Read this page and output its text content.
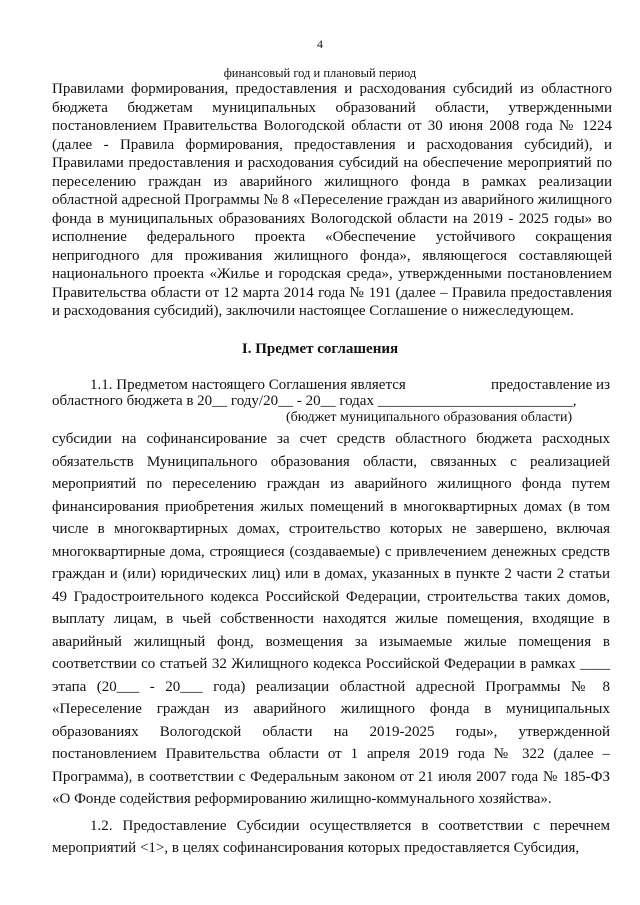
4
финансовый год и плановый период

Правилами формирования, предоставления и расходования субсидий из областного бюджета бюджетам муниципальных образований области, утвержденными постановлением Правительства Вологодской области от 30 июня 2008 года № 1224 (далее - Правила формирования, предоставления и расходования субсидий), и Правилами предоставления и расходования субсидий на обеспечение мероприятий по переселению граждан из аварийного жилищного фонда в рамках реализации областной адресной Программы № 8 «Переселение граждан из аварийного жилищного фонда в муниципальных образованиях Вологодской области на 2019 - 2025 годы» во исполнение федерального проекта «Обеспечение устойчивого сокращения непригодного для проживания жилищного фонда», являющегося составляющей национального проекта «Жилье и городская среда», утвержденными постановлением Правительства области от 12 марта 2014 года № 191 (далее – Правила предоставления и расходования субсидий), заключили настоящее Соглашение о нижеследующем.

I. Предмет соглашения
1.1. Предметом настоящего Соглашения является	предоставление из
областного бюджета в 20__ году/20__ - 20__ годах __________________________,
(бюджет муниципального образования области)

субсидии на софинансирование за счет средств областного бюджета расходных обязательств Муниципального образования области, связанных с реализацией мероприятий по переселению граждан из аварийного жилищного фонда путем финансирования приобретения жилых помещений в многоквартирных домах (в том числе в многоквартирных домах, строительство которых не завершено, включая многоквартирные дома, строящиеся (создаваемые) с привлечением денежных средств граждан и (или) юридических лиц) или в домах, указанных в пункте 2 части 2 статьи 49 Градостроительного кодекса Российской Федерации, строительства таких домов, выплату лицам, в чьей собственности находятся жилые помещения, входящие в аварийный жилищный фонд, возмещения за изымаемые жилые помещения в соответствии со статьей 32 Жилищного кодекса Российской Федерации в рамках ____ этапа (20___ - 20___ года) реализации областной адресной Программы № 8 «Переселение граждан из аварийного жилищного фонда в муниципальных образованиях Вологодской области на 2019-2025 годы», утвержденной постановлением Правительства области от 1 апреля 2019 года № 322 (далее – Программа), в соответствии с Федеральным законом от 21 июля 2007 года № 185-ФЗ «О Фонде содействия реформированию жилищно-коммунального хозяйства».

1.2. Предоставление Субсидии осуществляется в соответствии с перечнем мероприятий <1>, в целях софинансирования которых предоставляется Субсидия,
